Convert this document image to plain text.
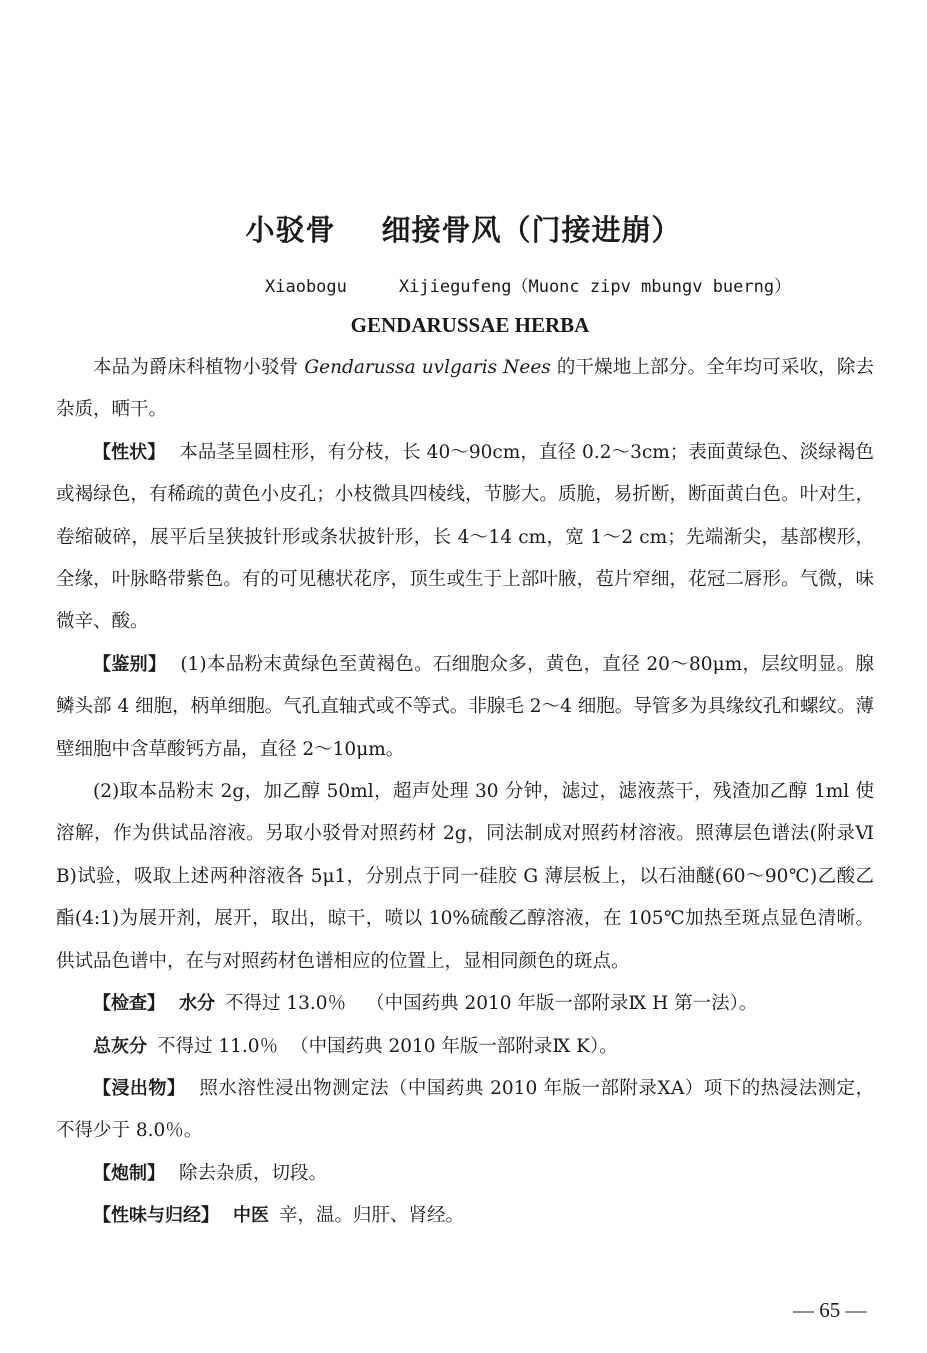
小驳骨 细接骨风（门接进崩）
Xiaobogu	Xijiegufeng（Muonc zipv mbungv buerng）
GENDARUSSAE HERBA

本品为爵床科植物小驳骨 Gendarussa uvlgaris Nees 的干燥地上部分。全年均可采收，除去杂质，晒干。

【性状】 本品茎呈圆柱形，有分枝，长 40～90cm，直径 0.2～3cm；表面黄绿色、淡绿褐色或褐绿色，有稀疏的黄色小皮孔；小枝微具四棱线，节膨大。质脆，易折断，断面黄白色。叶对生，卷缩破碎，展平后呈狭披针形或条状披针形，长 4～14 cm，宽 1～2 cm；先端渐尖，基部楔形，全缘，叶脉略带紫色。有的可见穗状花序，顶生或生于上部叶腋，苞片窄细，花冠二唇形。气微，味微辛、酸。

【鉴别】 (1)本品粉末黄绿色至黄褐色。石细胞众多，黄色，直径 20～80μm，层纹明显。腺鳞头部 4 细胞，柄单细胞。气孔直轴式或不等式。非腺毛 2～4 细胞。导管多为具缘纹孔和螺纹。薄壁细胞中含草酸钙方晶，直径 2～10μm。

(2)取本品粉末 2g，加乙醇 50ml，超声处理 30 分钟，滤过，滤液蒸干，残渣加乙醇 1ml 使溶解，作为供试品溶液。另取小驳骨对照药材 2g，同法制成对照药材溶液。照薄层色谱法(附录Ⅵ B)试验，吸取上述两种溶液各 5μ1，分别点于同一硅胶 G 薄层板上，以石油醚(60～90℃)乙酸乙酯(4:1)为展开剂，展开，取出，晾干，喷以 10%硫酸乙醇溶液，在 105℃加热至斑点显色清晰。供试品色谱中，在与对照药材色谱相应的位置上，显相同颜色的斑点。

【检查】 水分 不得过 13.0％ （中国药典 2010 年版一部附录Ⅸ H 第一法）。

总灰分 不得过 11.0％ （中国药典 2010 年版一部附录Ⅸ K）。

【浸出物】 照水溶性浸出物测定法（中国药典 2010 年版一部附录ⅩA）项下的热浸法测定，不得少于 8.0％。

【炮制】 除去杂质，切段。

【性味与归经】 中医 辛，温。归肝、肾经。

— 65 —
